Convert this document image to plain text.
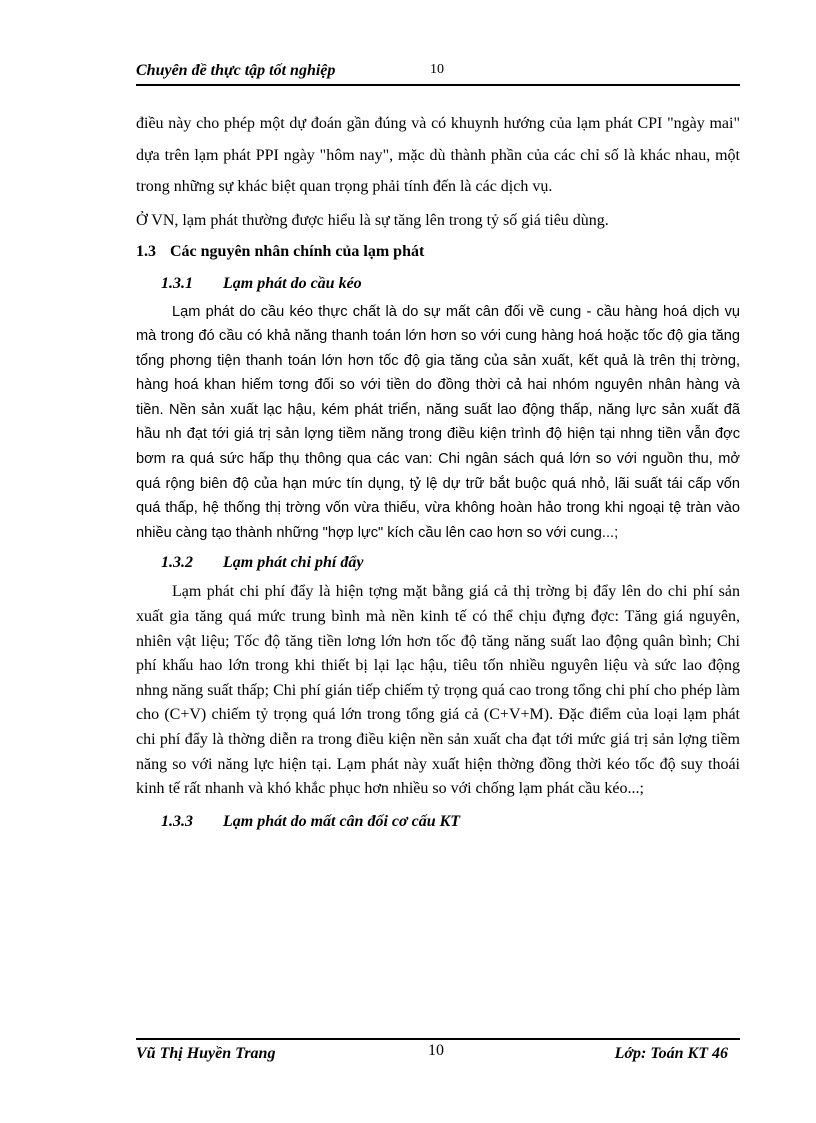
Chuyên đề thực tập tốt nghiệp	10

điều này cho phép một dự đoán gần đúng và có khuynh hướng của lạm phát CPI "ngày mai" dựa trên lạm phát PPI ngày "hôm nay", mặc dù thành phần của các chỉ số là khác nhau, một trong những sự khác biệt quan trọng phải tính đến là các dịch vụ.

Ở VN, lạm phát thường được hiểu là sự tăng lên trong tỷ số giá tiêu dùng.

1.3 Các nguyên nhân chính của lạm phát
1.3.1 Lạm phát do cầu kéo

Lạm phát do cầu kéo thực chất là do sự mất cân đối về cung - cầu hàng hoá dịch vụ mà trong đó cầu có khả năng thanh toán lớn hơn so với cung hàng hoá hoặc tốc độ gia tăng tổng phơng tiện thanh toán lớn hơn tốc độ gia tăng của sản xuất, kết quả là trên thị trờng, hàng hoá khan hiếm tơng đối so với tiền do đồng thời cả hai nhóm nguyên nhân hàng và tiền. Nền sản xuất lạc hậu, kém phát triển, năng suất lao động thấp, năng lực sản xuất đã hầu nh đạt tới giá trị sản lợng tiềm năng trong điều kiện trình độ hiện tại nhng tiền vẫn đợc bơm ra quá sức hấp thụ thông qua các van: Chi ngân sách quá lớn so với nguồn thu, mở quá rộng biên độ của hạn mức tín dụng, tỷ lệ dự trữ bắt buộc quá nhỏ, lãi suất tái cấp vốn quá thấp, hệ thống thị trờng vốn vừa thiếu, vừa không hoàn hảo trong khi ngoại tệ tràn vào nhiều càng tạo thành những "hợp lực" kích cầu lên cao hơn so với cung...;

1.3.2 Lạm phát chi phí đẩy

Lạm phát chi phí đẩy là hiện tợng mặt bằng giá cả thị trờng bị đẩy lên do chi phí sản xuất gia tăng quá mức trung bình mà nền kinh tế có thể chịu đựng đợc: Tăng giá nguyên, nhiên vật liệu; Tốc độ tăng tiền lơng lớn hơn tốc độ tăng năng suất lao động quân bình; Chi phí khấu hao lớn trong khi thiết bị lại lạc hậu, tiêu tốn nhiều nguyên liệu và sức lao động nhng năng suất thấp; Chi phí gián tiếp chiếm tỷ trọng quá cao trong tổng chi phí cho phép làm cho (C+V) chiếm tỷ trọng quá lớn trong tổng giá cả (C+V+M). Đặc điểm của loại lạm phát chi phí đẩy là thờng diễn ra trong điều kiện nền sản xuất cha đạt tới mức giá trị sản lợng tiềm năng so với năng lực hiện tại. Lạm phát này xuất hiện thờng đồng thời kéo tốc độ suy thoái kinh tế rất nhanh và khó khắc phục hơn nhiều so với chống lạm phát cầu kéo...;

1.3.3 Lạm phát do mất cân đối cơ cấu KT
Vũ Thị Huyền Trang	10	Lớp: Toán KT 46
